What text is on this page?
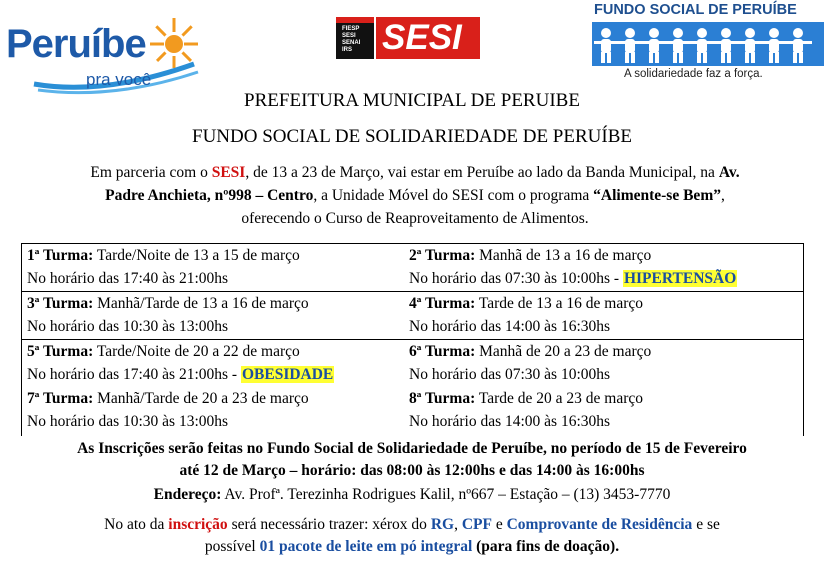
Peruíbe
pra você
FIESP
SESI
SENAI
IRS SESI
FUNDO SOCIAL DE PERUÍBE
A solidariedade faz a força.
PREFEITURA MUNICIPAL DE PERUIBE
FUNDO SOCIAL DE SOLIDARIEDADE DE PERUÍBE
Em parceria com o SESI, de 13 a 23 de Março, vai estar em Peruíbe ao lado da Banda Municipal, na Av. Padre Anchieta, nº998 – Centro, a Unidade Móvel do SESI com o programa “Alimente-se Bem”, oferecendo o Curso de Reaproveitamento de Alimentos.
1ª Turma: Tarde/Noite de 13 a 15 de março
No horário das 17:40 às 21:00hs
2ª Turma: Manhã de 13 a 16 de março
No horário das 07:30 às 10:00hs - HIPERTENSÃO
3ª Turma: Manhã/Tarde de 13 a 16 de março
No horário das 10:30 às 13:00hs
4ª Turma: Tarde de 13 a 16 de março
No horário das 14:00 às 16:30hs
5ª Turma: Tarde/Noite de 20 a 22 de março
No horário das 17:40 às 21:00hs - OBESIDADE
6ª Turma: Manhã de 20 a 23 de março
No horário das 07:30 às 10:00hs
7ª Turma: Manhã/Tarde de 20 a 23 de março
No horário das 10:30 às 13:00hs
8ª Turma: Tarde de 20 a 23 de março
No horário das 14:00 às 16:30hs
As Inscrições serão feitas no Fundo Social de Solidariedade de Peruíbe, no período de 15 de Fevereiro
até 12 de Março – horário: das 08:00 às 12:00hs e das 14:00 às 16:00hs
Endereço: Av. Profª. Terezinha Rodrigues Kalil, nº667 – Estação – (13) 3453-7770
No ato da inscrição será necessário trazer: xérox do RG, CPF e Comprovante de Residência e se
possível 01 pacote de leite em pó integral (para fins de doação).
